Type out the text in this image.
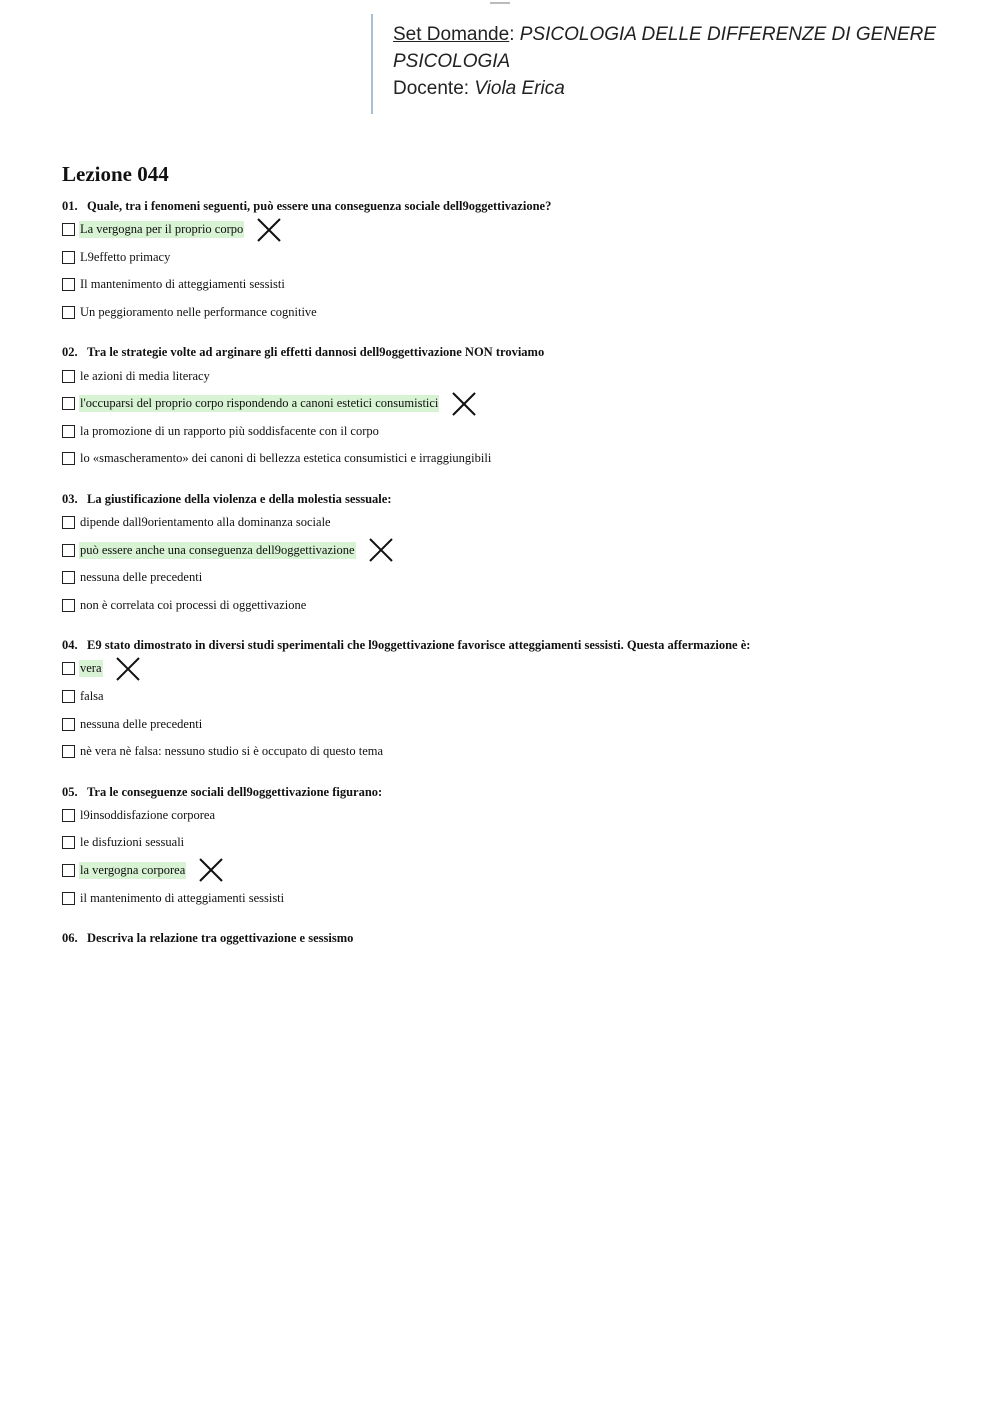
Set Domande: PSICOLOGIA DELLE DIFFERENZE DI GENERE
PSICOLOGIA
Docente: Viola Erica
Lezione 044
01. Quale, tra i fenomeni seguenti, può essere una conseguenza sociale dell9oggettivazione?
La vergogna per il proprio corpo
L9effetto primacy
Il mantenimento di atteggiamenti sessisti
Un peggioramento nelle performance cognitive
02. Tra le strategie volte ad arginare gli effetti dannosi dell9oggettivazione NON troviamo
le azioni di media literacy
l'occuparsi del proprio corpo rispondendo a canoni estetici consumistici
la promozione di un rapporto più soddisfacente con il corpo
lo «smascheramento» dei canoni di bellezza estetica consumistici e irraggiungibili
03. La giustificazione della violenza e della molestia sessuale:
dipende dall9orientamento alla dominanza sociale
può essere anche una conseguenza dell9oggettivazione
nessuna delle precedenti
non è correlata coi processi di oggettivazione
04. E9 stato dimostrato in diversi studi sperimentali che l9oggettivazione favorisce atteggiamenti sessisti. Questa affermazione è:
vera
falsa
nessuna delle precedenti
nè vera nè falsa: nessuno studio si è occupato di questo tema
05. Tra le conseguenze sociali dell9oggettivazione figurano:
l9insoddisfazione corporea
le disfuzioni sessuali
la vergogna corporea
il mantenimento di atteggiamenti sessisti
06. Descriva la relazione tra oggettivazione e sessismo
